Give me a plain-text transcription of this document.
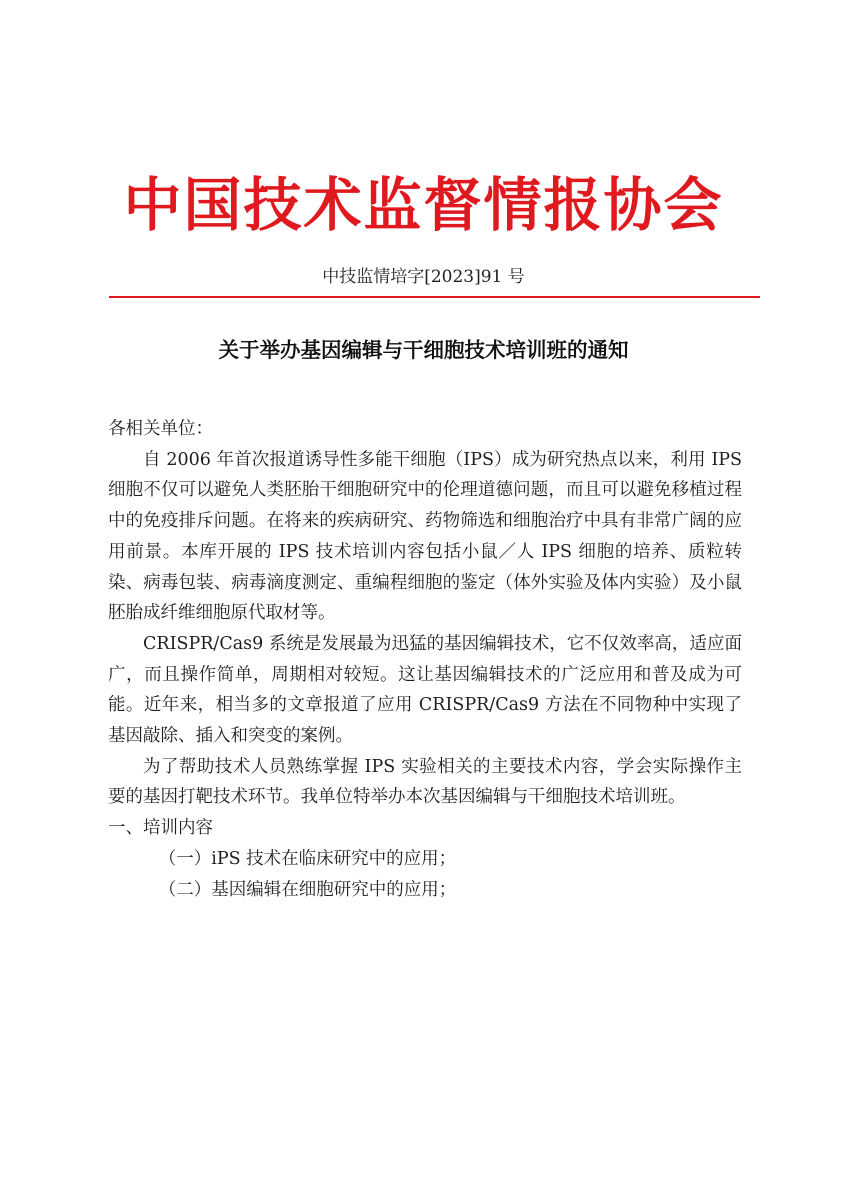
中国技术监督情报协会
中技监情培字[2023]91 号
关于举办基因编辑与干细胞技术培训班的通知

各相关单位：

自 2006 年首次报道诱导性多能干细胞（IPS）成为研究热点以来，利用 IPS 细胞不仅可以避免人类胚胎干细胞研究中的伦理道德问题，而且可以避免移植过程中的免疫排斥问题。在将来的疾病研究、药物筛选和细胞治疗中具有非常广阔的应用前景。本库开展的 IPS 技术培训内容包括小鼠／人 IPS 细胞的培养、质粒转染、病毒包装、病毒滴度测定、重编程细胞的鉴定（体外实验及体内实验）及小鼠胚胎成纤维细胞原代取材等。

CRISPR/Cas9 系统是发展最为迅猛的基因编辑技术，它不仅效率高，适应面广，而且操作简单，周期相对较短。这让基因编辑技术的广泛应用和普及成为可能。近年来，相当多的文章报道了应用 CRISPR/Cas9 方法在不同物种中实现了基因敲除、插入和突变的案例。

为了帮助技术人员熟练掌握 IPS 实验相关的主要技术内容，学会实际操作主要的基因打靶技术环节。我单位特举办本次基因编辑与干细胞技术培训班。

一、培训内容

（一）iPS 技术在临床研究中的应用；

（二）基因编辑在细胞研究中的应用；
